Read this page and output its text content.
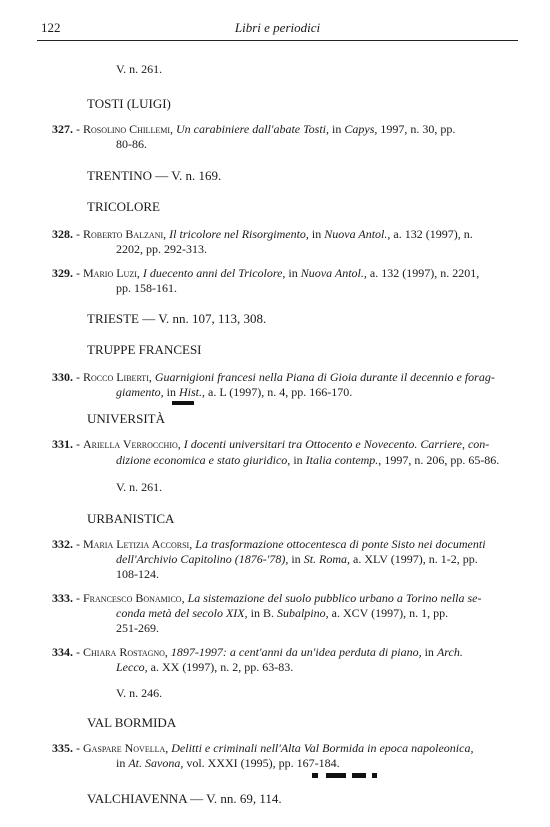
122	Libri e periodici
V. n. 261.
TOSTI (LUIGI)
327. - Rosolino Chillemi, Un carabiniere dall'abate Tosti, in Capys, 1997, n. 30, pp.
80-86.
TRENTINO — V. n. 169.
TRICOLORE
328. - Roberto Balzani, Il tricolore nel Risorgimento, in Nuova Antol., a. 132 (1997), n.
2202, pp. 292-313.
329. - Mario Luzi, I duecento anni del Tricolore, in Nuova Antol., a. 132 (1997), n. 2201,
pp. 158-161.
TRIESTE — V. nn. 107, 113, 308.
TRUPPE FRANCESI
330. - Rocco Liberti, Guarnigioni francesi nella Piana di Gioia durante il decennio e forag-
giamento, in Hist., a. L (1997), n. 4, pp. 166-170.
UNIVERSITÀ
331. - Ariella Verrocchio, I docenti universitari tra Ottocento e Novecento. Carriere, con-
dizione economica e stato giuridico, in Italia contemp., 1997, n. 206, pp. 65-86.
V. n. 261.
URBANISTICA
332. - Maria Letizia Accorsi, La trasformazione ottocentesca di ponte Sisto nei documenti
dell'Archivio Capitolino (1876-'78), in St. Roma, a. XLV (1997), n. 1-2, pp.
108-124.
333. - Francesco Bonamico, La sistemazione del suolo pubblico urbano a Torino nella se-
conda metà del secolo XIX, in B. Subalpino, a. XCV (1997), n. 1, pp.
251-269.
334. - Chiara Rostagno, 1897-1997: a cent'anni da un'idea perduta di piano, in Arch.
Lecco, a. XX (1997), n. 2, pp. 63-83.
V. n. 246.
VAL BORMIDA
335. - Gaspare Novella, Delitti e criminali nell'Alta Val Bormida in epoca napoleonica,
in At. Savona, vol. XXXI (1995), pp. 167-184.
VALCHIAVENNA — V. nn. 69, 114.
